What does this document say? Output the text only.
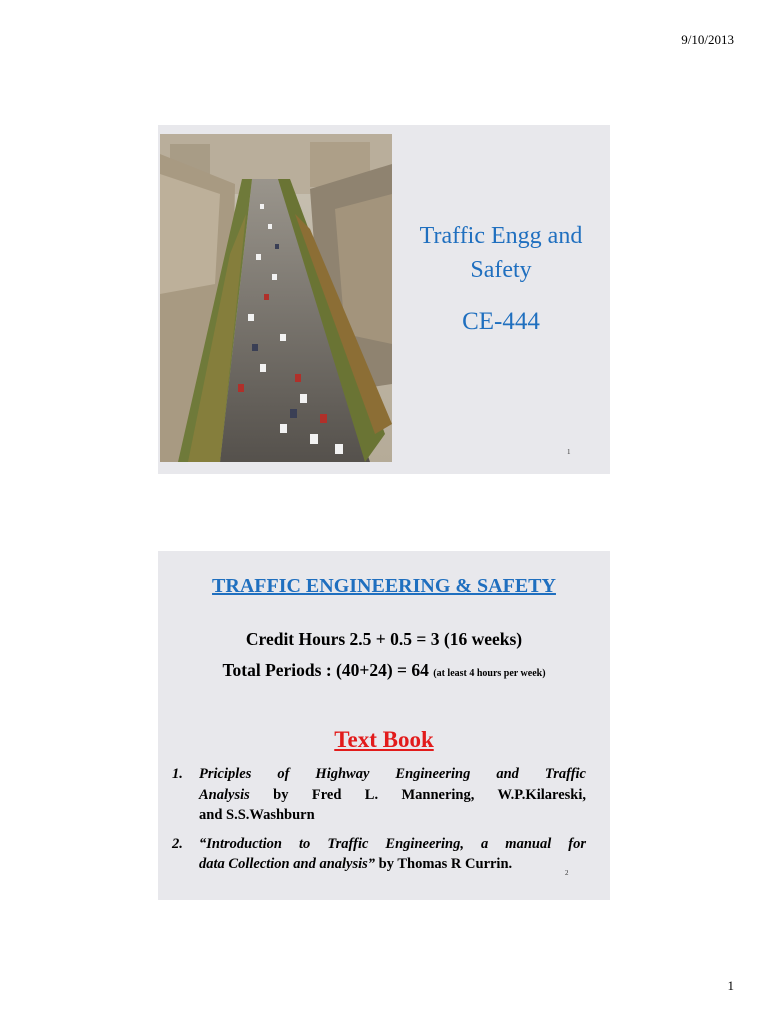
9/10/2013
Traffic Engg and
Safety
CE-444
1
TRAFFIC ENGINEERING & SAFETY
Credit Hours 2.5 + 0.5 = 3 (16 weeks)
Total Periods : (40+24) = 64 (at least 4 hours per week)
Text Book
1. Priciples of Highway Engineering and Traffic
Analysis by Fred L. Mannering, W.P.Kilareski,
and S.S.Washburn
2. “Introduction to Traffic Engineering, a manual for
data Collection and analysis” by Thomas R Currin.
2
1
